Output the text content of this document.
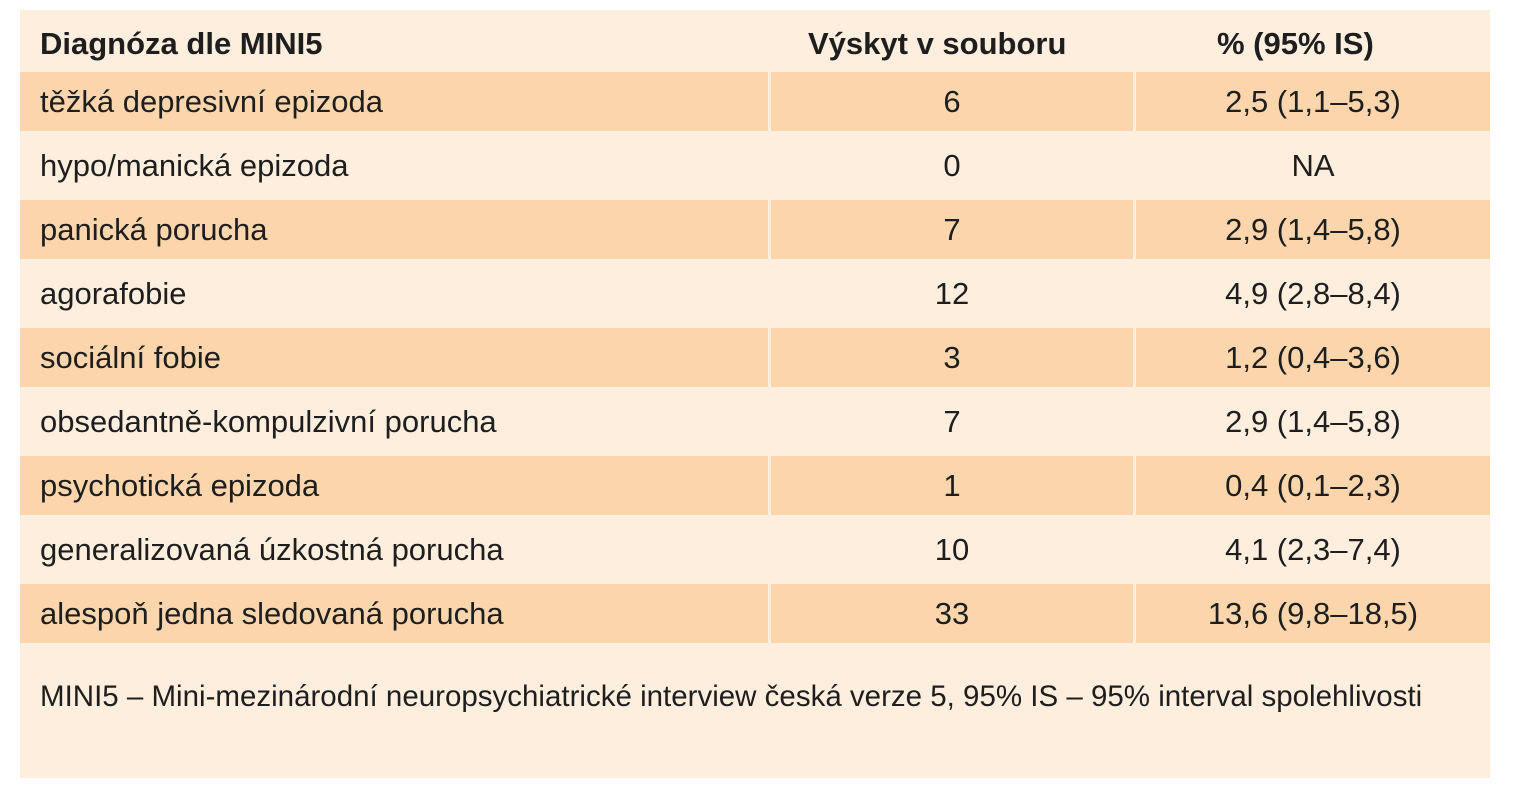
Diagnóza dle MINI5	Výskyt v souboru	% (95% IS)
těžká depresivní epizoda	6	2,5 (1,1–5,3)
hypo/manická epizoda	0	NA
panická porucha	7	2,9 (1,4–5,8)
agorafobie	12	4,9 (2,8–8,4)
sociální fobie	3	1,2 (0,4–3,6)
obsedantně-kompulzivní porucha	7	2,9 (1,4–5,8)
psychotická epizoda	1	0,4 (0,1–2,3)
generalizovaná úzkostná porucha	10	4,1 (2,3–7,4)
alespoň jedna sledovaná porucha	33	13,6 (9,8–18,5)
MINI5 – Mini-mezinárodní neuropsychiatrické interview česká verze 5, 95% IS – 95% interval spolehlivosti
